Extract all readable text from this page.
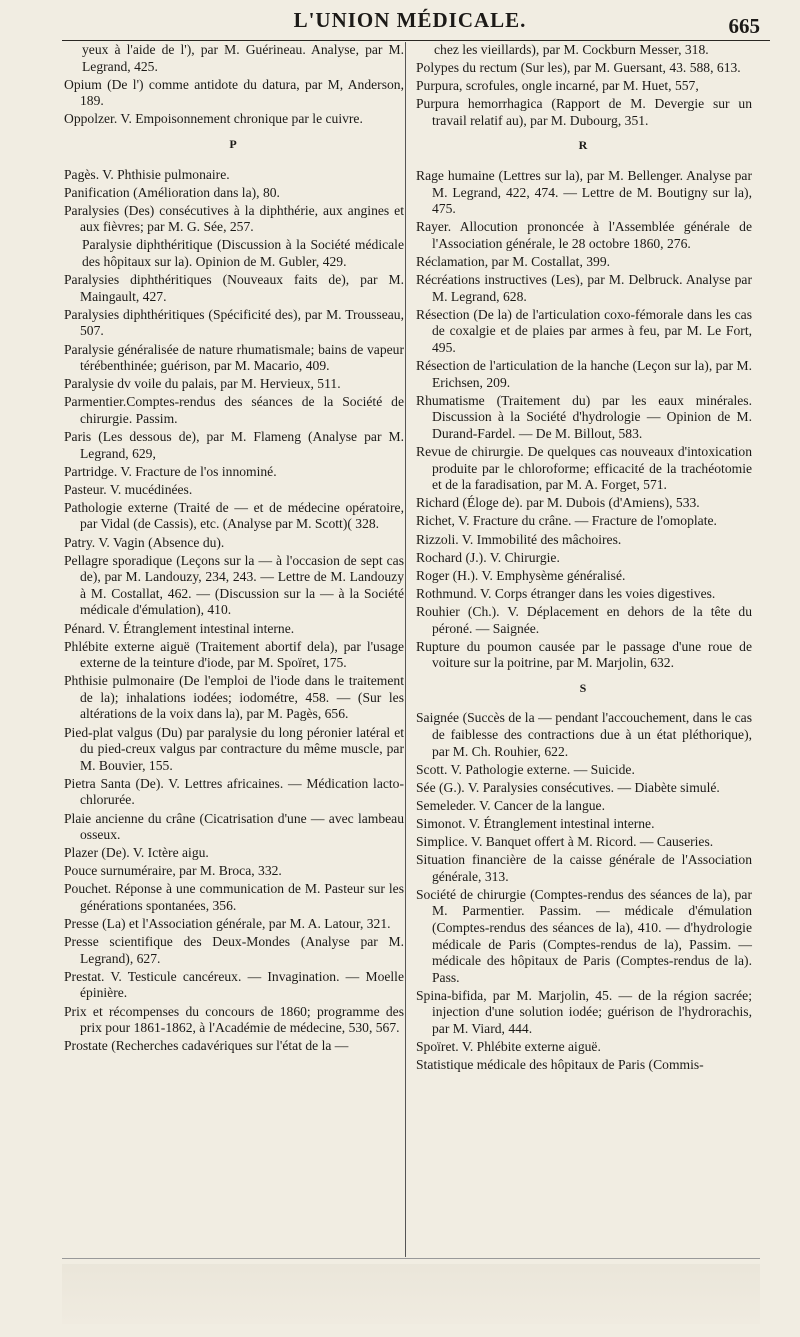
L'UNION MÉDICALE.	665

yeux à l'aide de l'), par M. Guérineau. Analyse, par M. Legrand, 425.

Opium (De l') comme antidote du datura, par M, Anderson, 189.

Oppolzer. V. Empoisonnement chronique par le cuivre.

P

Pagès. V. Phthisie pulmonaire.

Panification (Amélioration dans la), 80.

Paralysies (Des) consécutives à la diphthérie, aux angines et aux fièvres; par M. G. Sée, 257.

Paralysie diphthéritique (Discussion à la Société médicale des hôpitaux sur la). Opinion de M. Gubler, 429.

Paralysies diphthéritiques (Nouveaux faits de), par M. Maingault, 427.

Paralysies diphthéritiques (Spécificité des), par M. Trousseau, 507.

Paralysie généralisée de nature rhumatismale; bains de vapeur térébenthinée; guérison, par M. Macario, 409.

Paralysie dv voile du palais, par M. Hervieux, 511.

Parmentier.Comptes-rendus des séances de la Société de chirurgie. Passim.

Paris (Les dessous de), par M. Flameng (Analyse par M. Legrand, 629,

Partridge. V. Fracture de l'os innominé.

Pasteur. V. mucédinées.

Pathologie externe (Traité de — et de médecine opératoire, par Vidal (de Cassis), etc. (Analyse par M. Scott)( 328.

Patry. V. Vagin (Absence du).

Pellagre sporadique (Leçons sur la — à l'occasion de sept cas de), par M. Landouzy, 234, 243. — Lettre de M. Landouzy à M. Costallat, 462. — (Discussion sur la — à la Société médicale d'émulation), 410.

Pénard. V. Étranglement intestinal interne.

Phlébite externe aiguë (Traitement abortif dela), par l'usage externe de la teinture d'iode, par M. Spoïret, 175.

Phthisie pulmonaire (De l'emploi de l'iode dans le traitement de la); inhalations iodées; iodométre, 458. — (Sur les altérations de la voix dans la), par M. Pagès, 656.

Pied-plat valgus (Du) par paralysie du long péronier latéral et du pied-creux valgus par contracture du même muscle, par M. Bouvier, 155.

Pietra Santa (De). V. Lettres africaines. — Médication lacto-chlorurée.

Plaie ancienne du crâne (Cicatrisation d'une — avec lambeau osseux.

Plazer (De). V. Ictère aigu.

Pouce surnuméraire, par M. Broca, 332.

Pouchet. Réponse à une communication de M. Pasteur sur les générations spontanées, 356.

Presse (La) et l'Association générale, par M. A. Latour, 321.

Presse scientifique des Deux-Mondes (Analyse par M. Legrand), 627.

Prestat. V. Testicule cancéreux. — Invagination. — Moelle épinière.

Prix et récompenses du concours de 1860; programme des prix pour 1861-1862, à l'Académie de médecine, 530, 567.

Prostate (Recherches cadavériques sur l'état de la —

chez les vieillards), par M. Cockburn Messer, 318.

Polypes du rectum (Sur les), par M. Guersant, 43. 588, 613.

Purpura, scrofules, ongle incarné, par M. Huet, 557,

Purpura hemorrhagica (Rapport de M. Devergie sur un travail relatif au), par M. Dubourg, 351.

R

Rage humaine (Lettres sur la), par M. Bellenger. Analyse par M. Legrand, 422, 474. — Lettre de M. Boutigny sur la), 475.

Rayer. Allocution prononcée à l'Assemblée générale de l'Association générale, le 28 octobre 1860, 276.

Réclamation, par M. Costallat, 399.

Récréations instructives (Les), par M. Delbruck. Analyse par M. Legrand, 628.

Résection (De la) de l'articulation coxo-fémorale dans les cas de coxalgie et de plaies par armes à feu, par M. Le Fort, 495.

Résection de l'articulation de la hanche (Leçon sur la), par M. Erichsen, 209.

Rhumatisme (Traitement du) par les eaux minérales. Discussion à la Société d'hydrologie — Opinion de M. Durand-Fardel. — De M. Billout, 583.

Revue de chirurgie. De quelques cas nouveaux d'intoxication produite par le chloroforme; efficacité de la trachéotomie et de la faradisation, par M. A. Forget, 571.

Richard (Éloge de). par M. Dubois (d'Amiens), 533.

Richet, V. Fracture du crâne. — Fracture de l'omoplate.

Rizzoli. V. Immobilité des mâchoires.

Rochard (J.). V. Chirurgie.

Roger (H.). V. Emphysème généralisé.

Rothmund. V. Corps étranger dans les voies digestives.

Rouhier (Ch.). V. Déplacement en dehors de la tête du péroné. — Saignée.

Rupture du poumon causée par le passage d'une roue de voiture sur la poitrine, par M. Marjolin, 632.

S

Saignée (Succès de la — pendant l'accouchement, dans le cas de faiblesse des contractions due à un état pléthorique), par M. Ch. Rouhier, 622.

Scott. V. Pathologie externe. — Suicide.

Sée (G.). V. Paralysies consécutives. — Diabète simulé.

Semeleder. V. Cancer de la langue.

Simonot. V. Étranglement intestinal interne.

Simplice. V. Banquet offert à M. Ricord. — Causeries.

Situation financière de la caisse générale de l'Association générale, 313.

Société de chirurgie (Comptes-rendus des séances de la), par M. Parmentier. Passim. — médicale d'émulation (Comptes-rendus des séances de la), 410. — d'hydrologie médicale de Paris (Comptes-rendus de la), Passim. — médicale des hôpitaux de Paris (Comptes-rendus de la). Pass.

Spina-bifida, par M. Marjolin, 45. — de la région sacrée; injection d'une solution iodée; guérison de l'hydrorachis, par M. Viard, 444.

Spoïret. V. Phlébite externe aiguë.

Statistique médicale des hôpitaux de Paris (Commis-
